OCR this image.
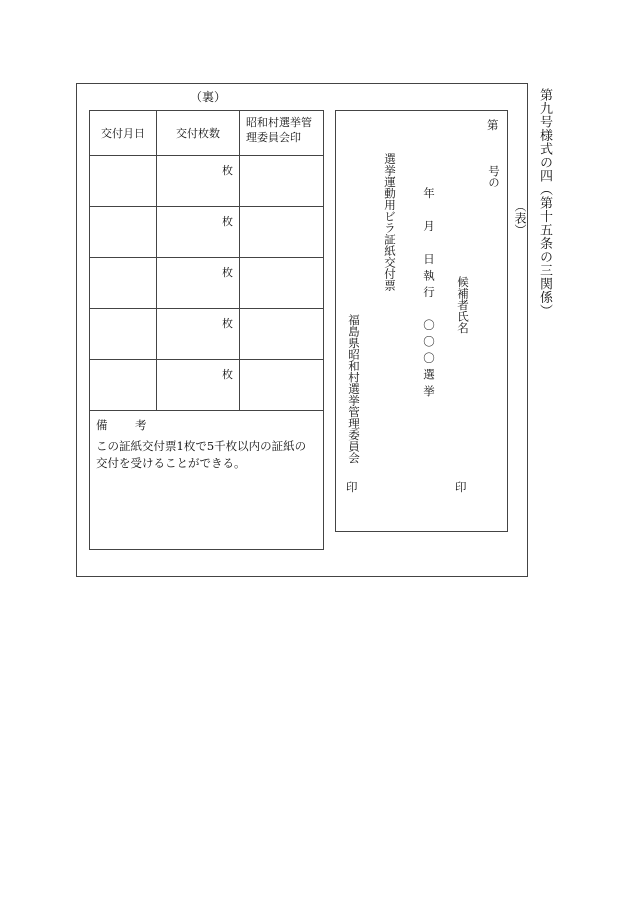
第九号様式の四（第十五条の三関係）
（裏）
交付月日	交付枚数	昭和村選挙管理委員会印

	枚	

	枚	

	枚	

	枚	

	枚	

備　考
この証紙交付票1枚で5千枚以内の証紙の交付を受けることができる。		
（表）
第
号の
候補者氏名
印
年　月　日執行　〇〇〇選挙
選挙運動用ビラ証紙交付票
福島県昭和村選挙管理委員会
印
